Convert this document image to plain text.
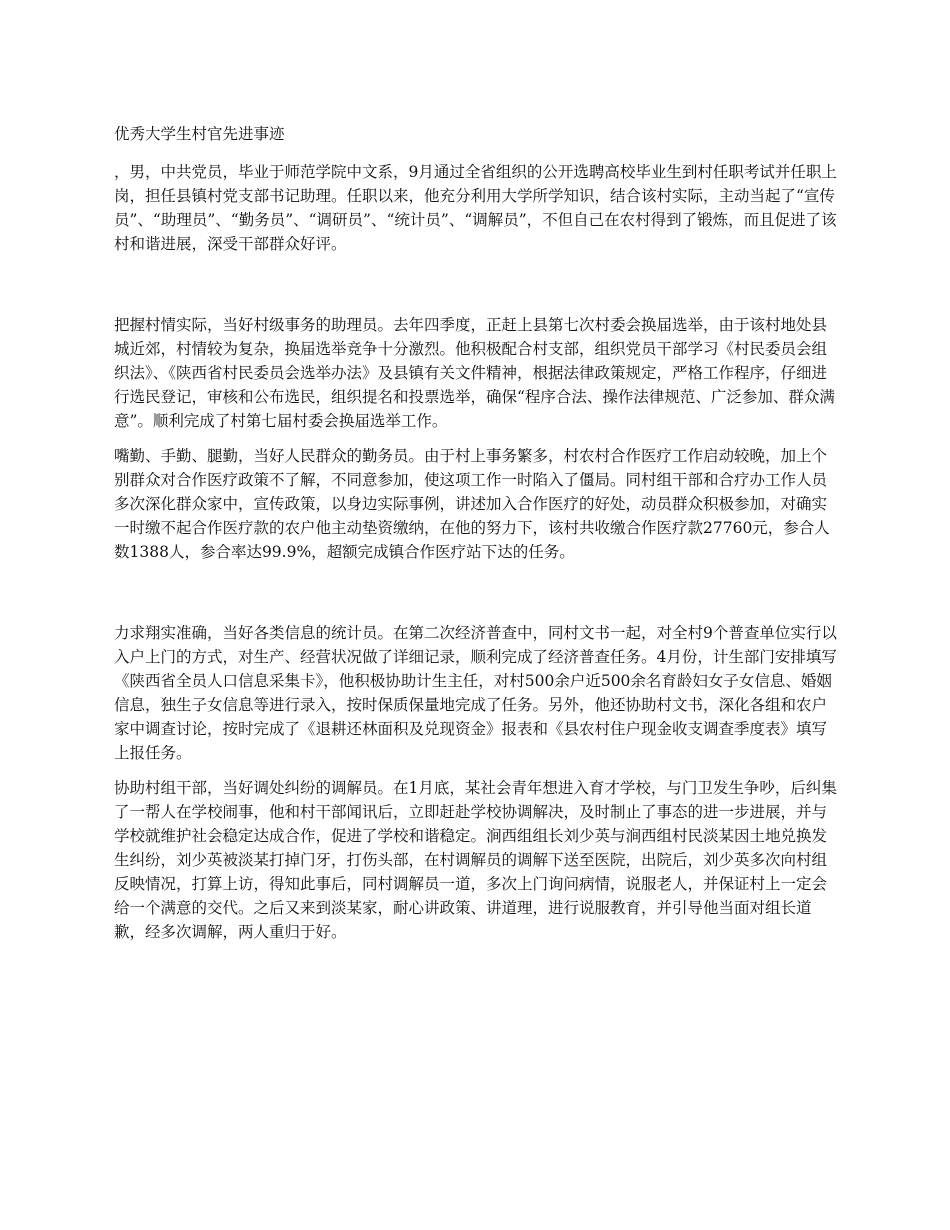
优秀大学生村官先进事迹

，男，中共党员，毕业于师范学院中文系，9月通过全省组织的公开选聘高校毕业生到村任职考试并任职上岗，担任县镇村党支部书记助理。任职以来，他充分利用大学所学知识，结合该村实际，主动当起了“宣传员”、“助理员”、“勤务员”、“调研员”、“统计员”、“调解员”，不但自己在农村得到了锻炼，而且促进了该村和谐进展，深受干部群众好评。

把握村情实际，当好村级事务的助理员。去年四季度，正赶上县第七次村委会换届选举，由于该村地处县城近郊，村情较为复杂，换届选举竞争十分激烈。他积极配合村支部，组织党员干部学习《村民委员会组织法》、《陕西省村民委员会选举办法》及县镇有关文件精神，根据法律政策规定，严格工作程序，仔细进行选民登记，审核和公布选民，组织提名和投票选举，确保“程序合法、操作法律规范、广泛参加、群众满意”。顺利完成了村第七届村委会换届选举工作。

嘴勤、手勤、腿勤，当好人民群众的勤务员。由于村上事务繁多，村农村合作医疗工作启动较晚，加上个别群众对合作医疗政策不了解，不同意参加，使这项工作一时陷入了僵局。同村组干部和合疗办工作人员多次深化群众家中，宣传政策，以身边实际事例，讲述加入合作医疗的好处，动员群众积极参加，对确实一时缴不起合作医疗款的农户他主动垫资缴纳，在他的努力下，该村共收缴合作医疗款27760元，参合人数1388人，参合率达99.9%，超额完成镇合作医疗站下达的任务。

力求翔实准确，当好各类信息的统计员。在第二次经济普查中，同村文书一起，对全村9个普查单位实行以入户上门的方式，对生产、经营状况做了详细记录，顺利完成了经济普查任务。4月份，计生部门安排填写《陕西省全员人口信息采集卡》，他积极协助计生主任，对村500余户近500余名育龄妇女子女信息、婚姻信息，独生子女信息等进行录入，按时保质保量地完成了任务。另外，他还协助村文书，深化各组和农户家中调查讨论，按时完成了《退耕还林面积及兑现资金》报表和《县农村住户现金收支调查季度表》填写上报任务。

协助村组干部，当好调处纠纷的调解员。在1月底，某社会青年想进入育才学校，与门卫发生争吵，后纠集了一帮人在学校闹事，他和村干部闻讯后，立即赶赴学校协调解决，及时制止了事态的进一步进展，并与学校就维护社会稳定达成合作，促进了学校和谐稳定。涧西组组长刘少英与涧西组村民淡某因土地兑换发生纠纷，刘少英被淡某打掉门牙，打伤头部，在村调解员的调解下送至医院，出院后，刘少英多次向村组反映情况，打算上访，得知此事后，同村调解员一道，多次上门询问病情，说服老人，并保证村上一定会给一个满意的交代。之后又来到淡某家，耐心讲政策、讲道理，进行说服教育，并引导他当面对组长道歉，经多次调解，两人重归于好。
